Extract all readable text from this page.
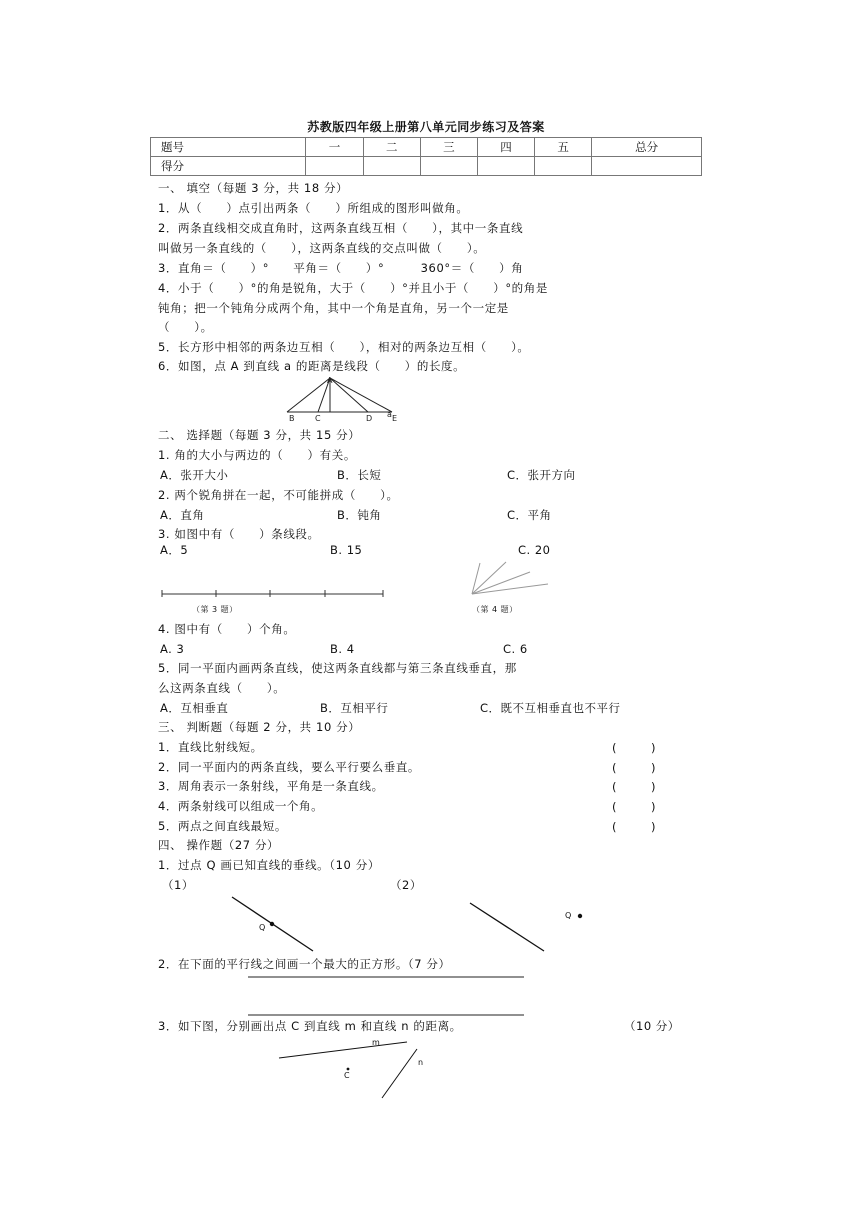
苏教版四年级上册第八单元同步练习及答案
题号	一	二	三	四	五	总分
得分						
一、 填空（每题 3 分，共 18 分）
1．从（　　）点引出两条（　　）所组成的图形叫做角。
2．两条直线相交成直角时，这两条直线互相（　　），其中一条直线
叫做另一条直线的（　　），这两条直线的交点叫做（　　）。
3．直角＝（　　）°　　平角＝（　　）°　　　360°＝（　　）角
4．小于（　　）°的角是锐角，大于（　　）°并且小于（　　）°的角是
钝角；把一个钝角分成两个角，其中一个角是直角，另一个一定是
（　　）。
5．长方形中相邻的两条边互相（　　），相对的两条边互相（　　）。
6．如图，点 A 到直线 a 的距离是线段（　　）的长度。
二、 选择题（每题 3 分，共 15 分）
1. 角的大小与两边的（　　）有关。
A．张开大小	B．长短	C．张开方向
2. 两个锐角拼在一起，不可能拼成（　　）。
A．直角	B．钝角	C．平角
3. 如图中有（　　）条线段。
A．5	B. 15	C. 20
（第 3 题）	（第 4 题）
4. 图中有（　　）个角。
A. 3	B. 4	C. 6
5．同一平面内画两条直线，使这两条直线都与第三条直线垂直，那
么这两条直线（　　）。
A．互相垂直	B．互相平行	C．既不互相垂直也不平行
三、 判断题（每题 2 分，共 10 分）
1．直线比射线短。	(　　　)
2．同一平面内的两条直线，要么平行要么垂直。	(　　　)
3．周角表示一条射线，平角是一条直线。	(　　　)
4．两条射线可以组成一个角。	(　　　)
5．两点之间直线最短。	(　　　)
四、 操作题（27 分）
1．过点 Q 画已知直线的垂线。（10 分）
（1）	（2）
2．在下面的平行线之间画一个最大的正方形。（7 分）
3．如下图，分别画出点 C 到直线 m 和直线 n 的距离。	（10 分）
A
B	C	D E
a
Q
Q
m
n
C
